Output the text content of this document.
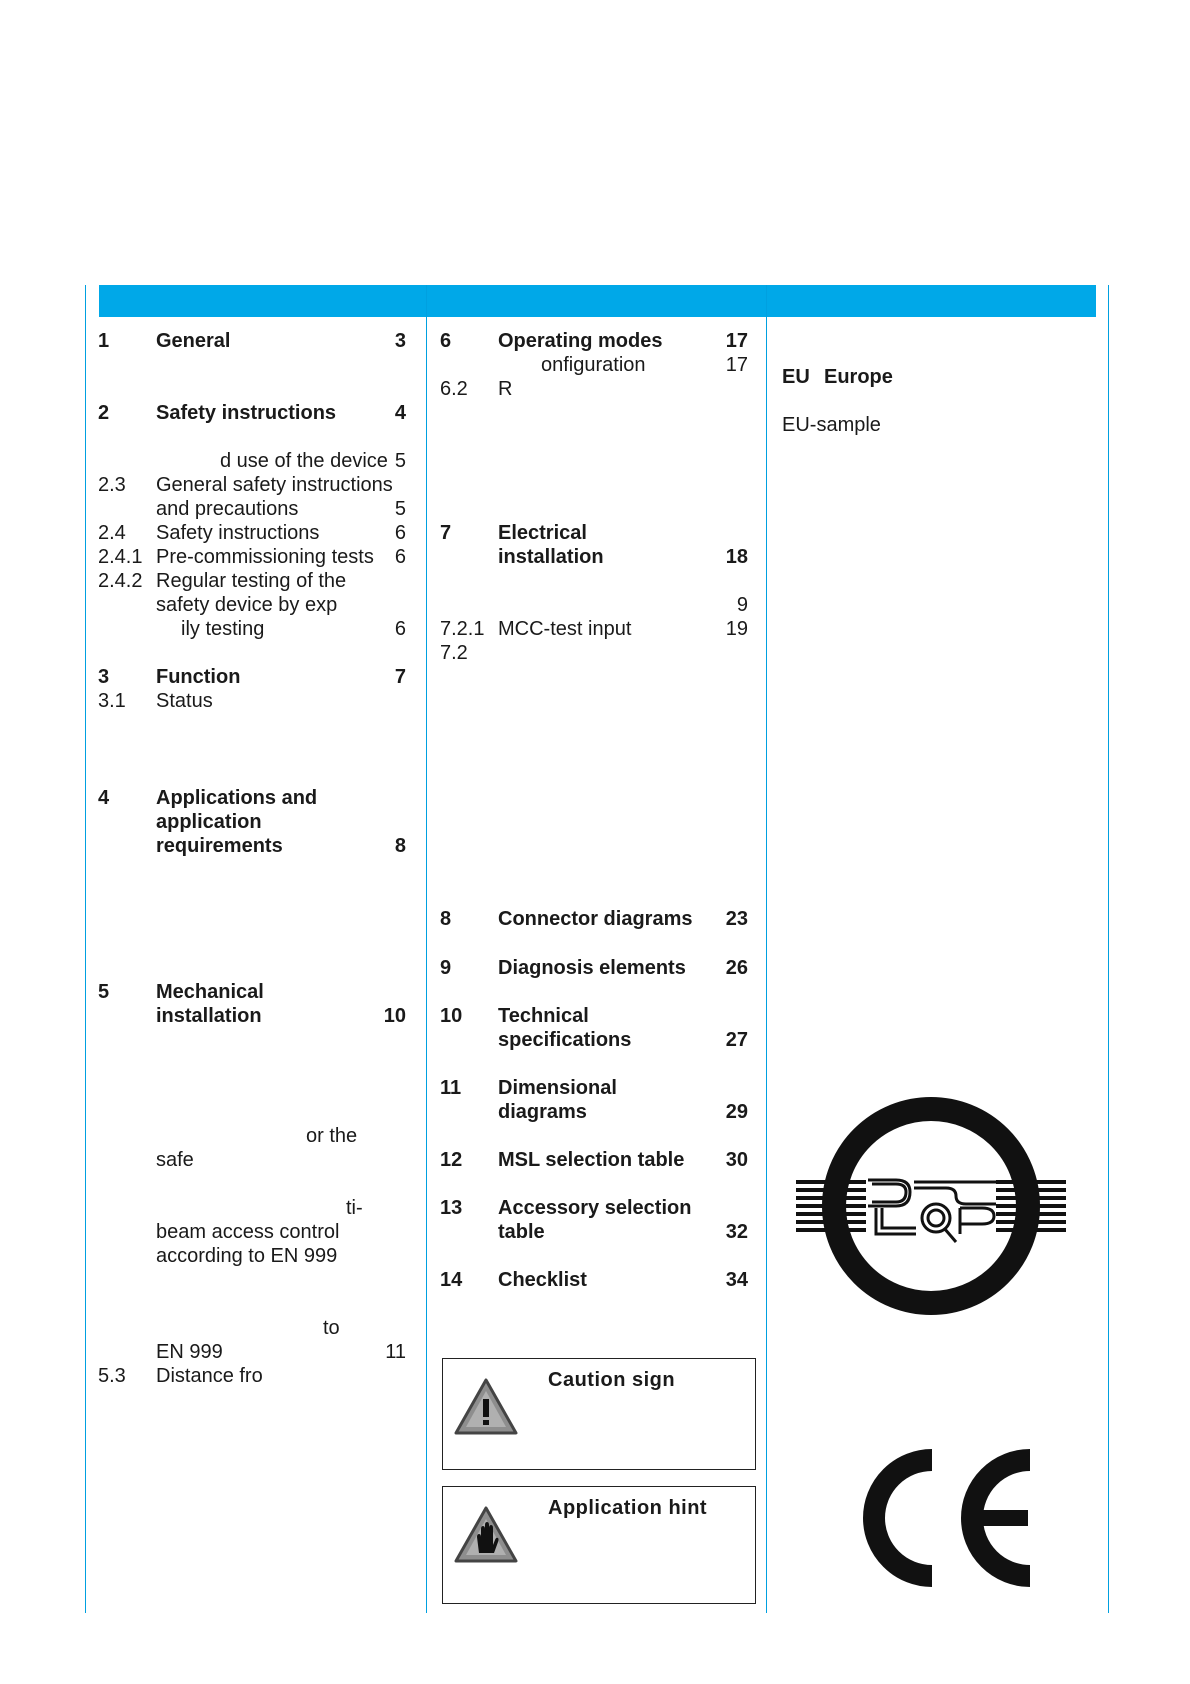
1 General	3
2 Safety instructions	4
d use of the device 5
2.3 General safety instructions
and precautions	5
2.4 Safety instructions	6
2.4.1 Pre-commissioning tests	6
2.4.2 Regular testing of the
safety device by exp
ily testing	6
3 Function	7
3.1 Status
4 Applications and
application
requirements	8
5 Mechanical
installation	10
or the
safe
ti-
beam access control
according to EN 999
to
EN 999	11
5.3 Distance fro
6 Operating modes	17
onfiguration	17
6.2 R
7 Electrical
installation	18
9
7.2.1 MCC-test input	19
7.2
8 Connector diagrams	23
9 Diagnosis elements	26
10 Technical
specifications	27
11 Dimensional
diagrams	29
12 MSL selection table	30
13 Accessory selection
table	32
14 Checklist	34
Caution sign
Application hint
EU Europe
EU-sample
